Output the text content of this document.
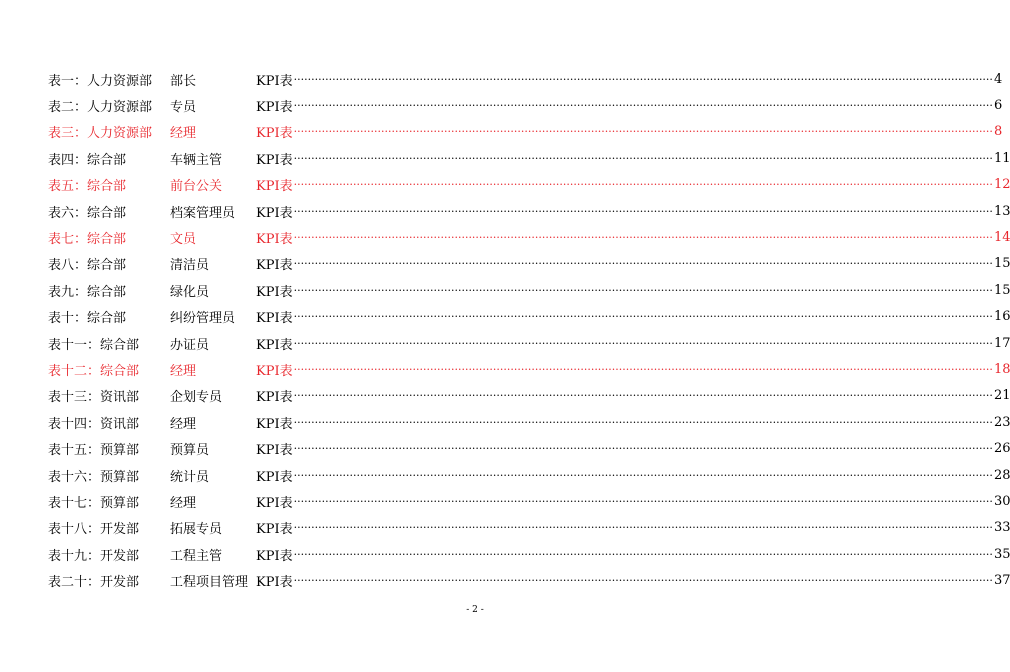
表一：人力资源部	部长	KPI表 ········································································································································································································ 4
表二：人力资源部	专员	KPI表 ········································································································································································································ 6
表三：人力资源部	经理	KPI表 ········································································································································································································ 8
表四：综合部	车辆主管	KPI表 ········································································································································································································ 11
表五：综合部	前台公关	KPI表 ········································································································································································································ 12
表六：综合部	档案管理员	KPI表 ········································································································································································································ 13
表七：综合部	文员	KPI表 ········································································································································································································ 14
表八：综合部	清洁员	KPI表 ········································································································································································································ 15
表九：综合部	绿化员	KPI表 ········································································································································································································ 15
表十：综合部	纠纷管理员	KPI表 ········································································································································································································ 16
表十一：综合部	办证员	KPI表 ········································································································································································································ 17
表十二：综合部	经理	KPI表 ········································································································································································································ 18
表十三：资讯部	企划专员	KPI表 ········································································································································································································ 21
表十四：资讯部	经理	KPI表 ········································································································································································································ 23
表十五：预算部	预算员	KPI表 ········································································································································································································ 26
表十六：预算部	统计员	KPI表 ········································································································································································································ 28
表十七：预算部	经理	KPI表 ········································································································································································································ 30
表十八：开发部	拓展专员	KPI表 ········································································································································································································ 33
表十九：开发部	工程主管	KPI表 ········································································································································································································ 35
表二十：开发部	工程项目管理 KPI表 ········································································································································································································ 37
- 2 -
